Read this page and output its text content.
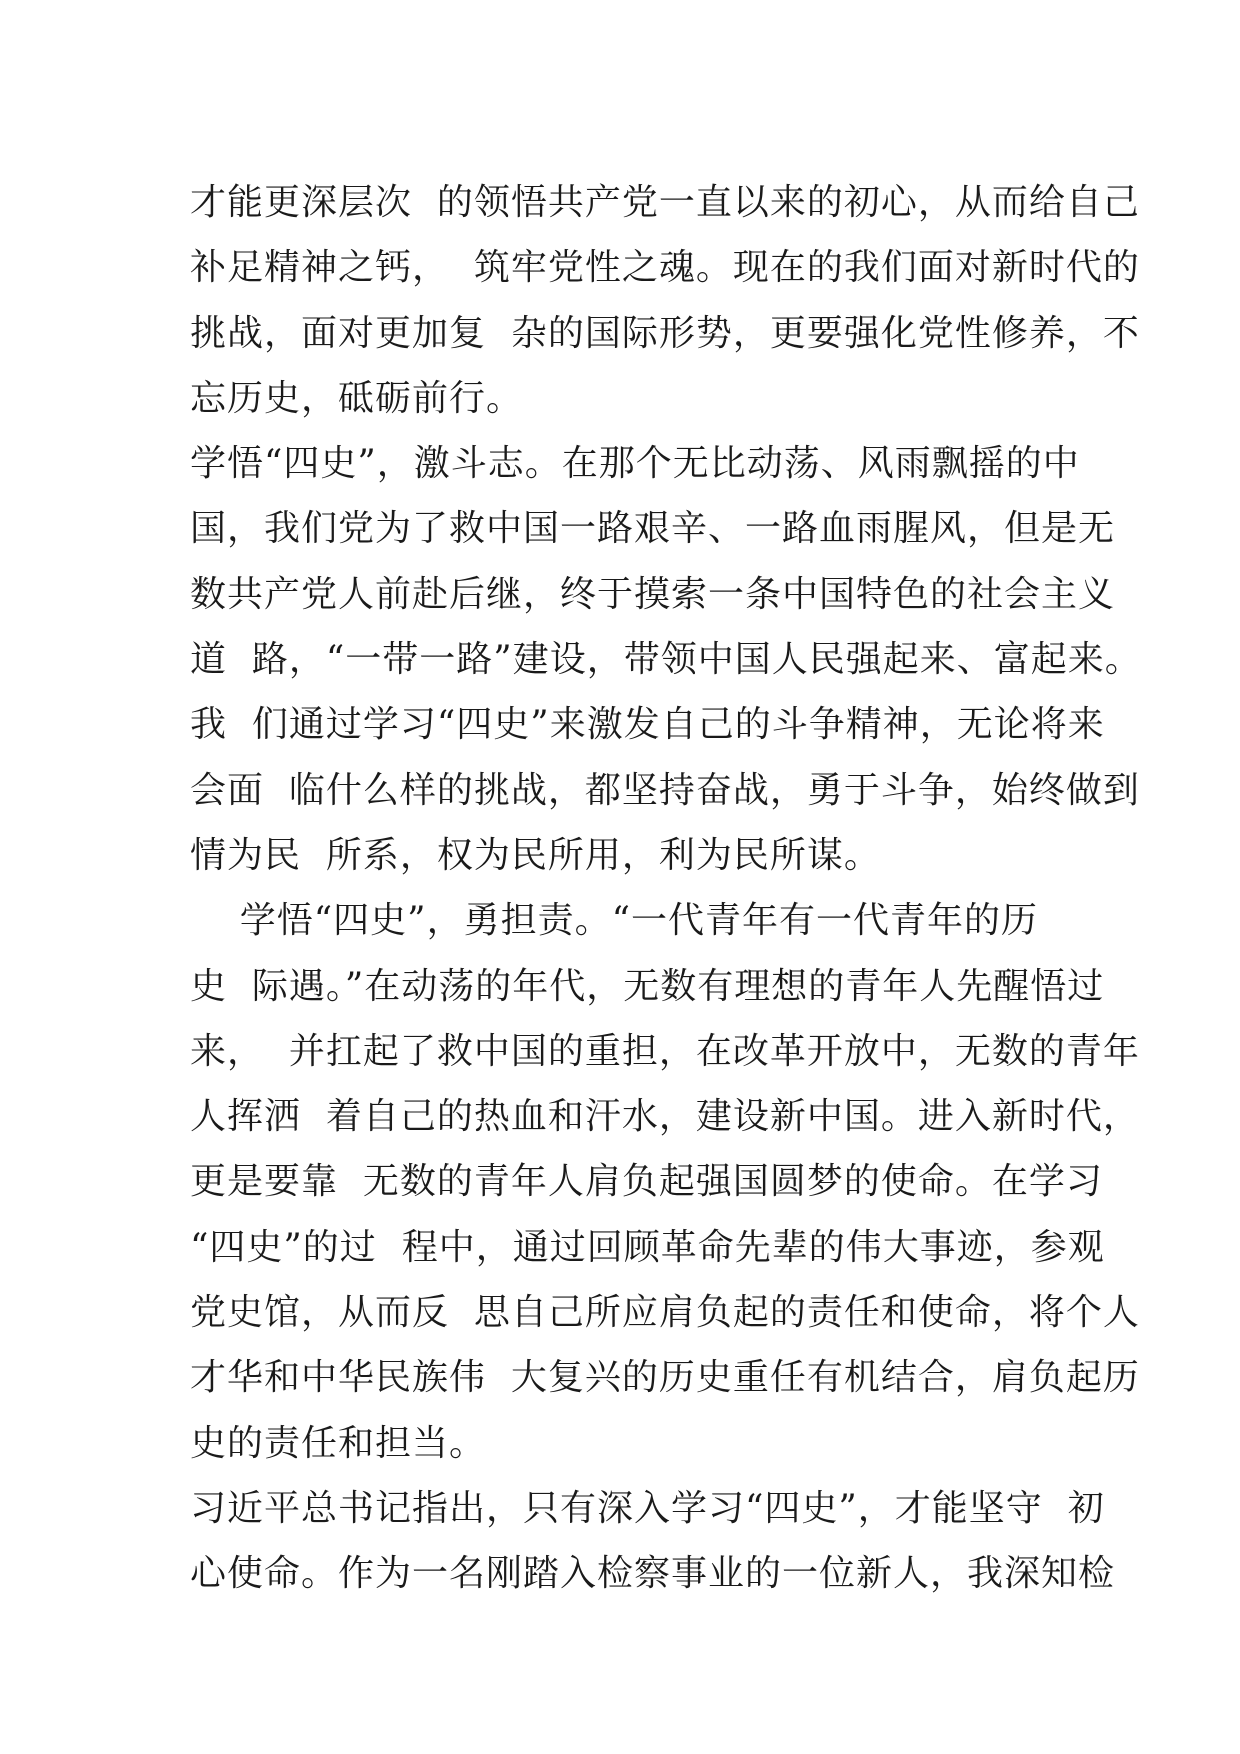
才能更深层次  的领悟共产党一直以来的初心，从而给自己
补足精神之钙，  筑牢党性之魂。现在的我们面对新时代的
挑战，面对更加复  杂的国际形势，更要强化党性修养，不
忘历史，砥砺前行。
学悟“四史”，激斗志。在那个无比动荡、风雨飘摇的中
国，我们党为了救中国一路艰辛、一路血雨腥风，但是无
数共产党人前赴后继，终于摸索一条中国特色的社会主义
道  路，“一带一路”建设，带领中国人民强起来、富起来。
我  们通过学习“四史”来激发自己的斗争精神，无论将来
会面  临什么样的挑战，都坚持奋战，勇于斗争，始终做到
情为民  所系，权为民所用，利为民所谋。
学悟“四史”，勇担责。“一代青年有一代青年的历
史  际遇。”在动荡的年代，无数有理想的青年人先醒悟过
来，  并扛起了救中国的重担，在改革开放中，无数的青年
人挥洒  着自己的热血和汗水，建设新中国。进入新时代，
更是要靠  无数的青年人肩负起强国圆梦的使命。在学习
“四史”的过  程中，通过回顾革命先辈的伟大事迹，参观
党史馆，从而反  思自己所应肩负起的责任和使命，将个人
才华和中华民族伟  大复兴的历史重任有机结合，肩负起历
史的责任和担当。
习近平总书记指出，只有深入学习“四史”，才能坚守  初
心使命。作为一名刚踏入检察事业的一位新人，我深知检
